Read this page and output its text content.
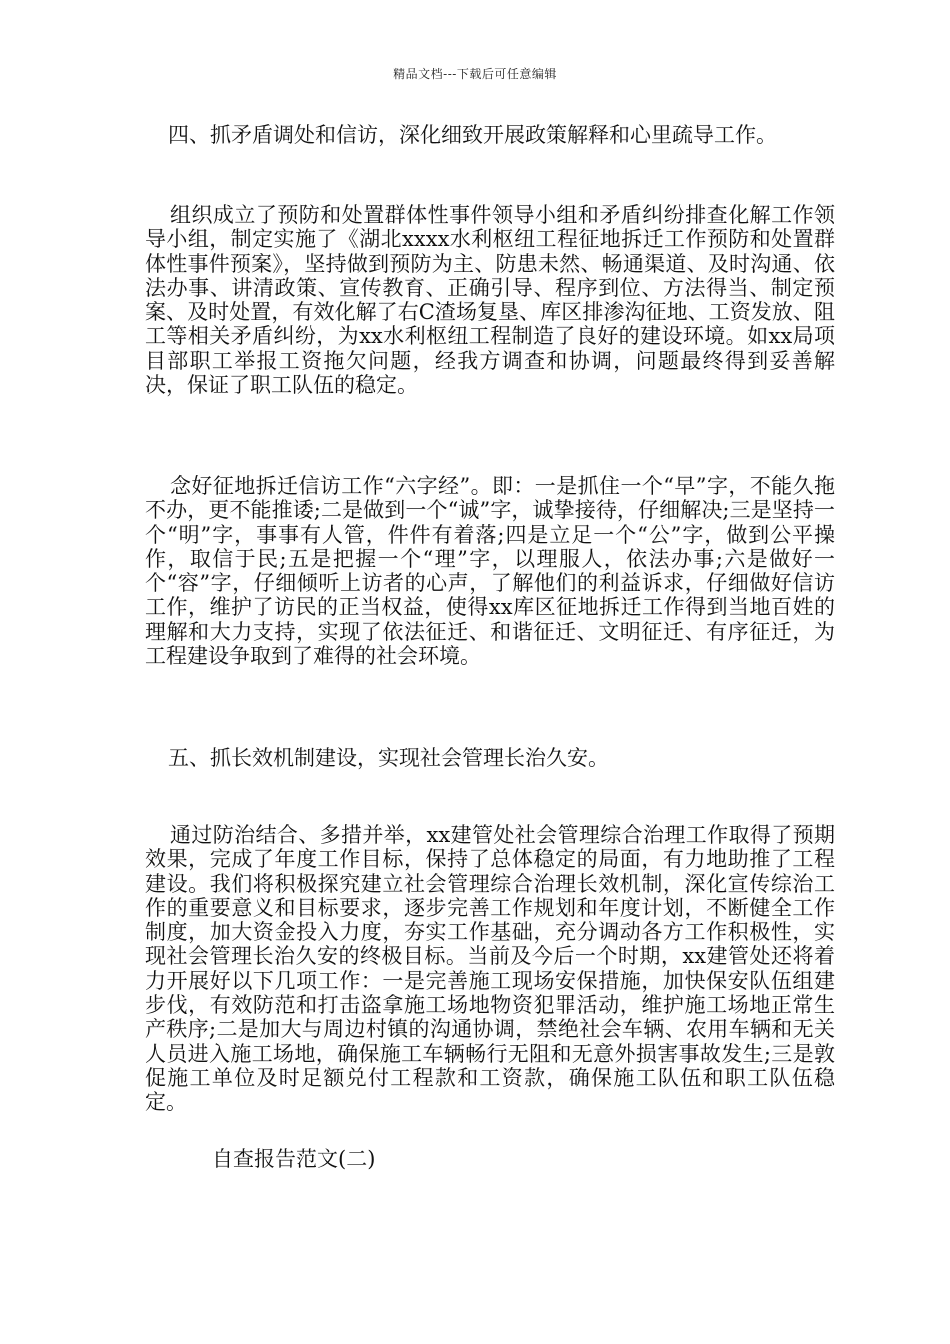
精品文档---下载后可任意编辑
四、抓矛盾调处和信访，深化细致开展政策解释和心里疏导工作。
组织成立了预防和处置群体性事件领导小组和矛盾纠纷排查化解工作领导小组，制定实施了《湖北xxxx水利枢纽工程征地拆迁工作预防和处置群体性事件预案》，坚持做到预防为主、防患未然、畅通渠道、及时沟通、依法办事、讲清政策、宣传教育、正确引导、程序到位、方法得当、制定预案、及时处置，有效化解了右C渣场复垦、库区排渗沟征地、工资发放、阻工等相关矛盾纠纷，为xx水利枢纽工程制造了良好的建设环境。如xx局项目部职工举报工资拖欠问题，经我方调查和协调，问题最终得到妥善解决，保证了职工队伍的稳定。
念好征地拆迁信访工作“六字经”。即：一是抓住一个“早”字，不能久拖不办，更不能推诿;二是做到一个“诚”字，诚挚接待，仔细解决;三是坚持一个“明”字，事事有人管，件件有着落;四是立足一个“公”字，做到公平操作，取信于民;五是把握一个“理”字，以理服人，依法办事;六是做好一个“容”字，仔细倾听上访者的心声，了解他们的利益诉求，仔细做好信访工作，维护了访民的正当权益，使得xx库区征地拆迁工作得到当地百姓的理解和大力支持，实现了依法征迁、和谐征迁、文明征迁、有序征迁，为工程建设争取到了难得的社会环境。
五、抓长效机制建设，实现社会管理长治久安。
通过防治结合、多措并举，xx建管处社会管理综合治理工作取得了预期效果，完成了年度工作目标，保持了总体稳定的局面，有力地助推了工程建设。我们将积极探究建立社会管理综合治理长效机制，深化宣传综治工作的重要意义和目标要求，逐步完善工作规划和年度计划，不断健全工作制度，加大资金投入力度，夯实工作基础，充分调动各方工作积极性，实现社会管理长治久安的终极目标。当前及今后一个时期，xx建管处还将着力开展好以下几项工作：一是完善施工现场安保措施，加快保安队伍组建步伐，有效防范和打击盗拿施工场地物资犯罪活动，维护施工场地正常生产秩序;二是加大与周边村镇的沟通协调，禁绝社会车辆、农用车辆和无关人员进入施工场地，确保施工车辆畅行无阻和无意外损害事故发生;三是敦促施工单位及时足额兑付工程款和工资款，确保施工队伍和职工队伍稳定。
自查报告范文(二)
